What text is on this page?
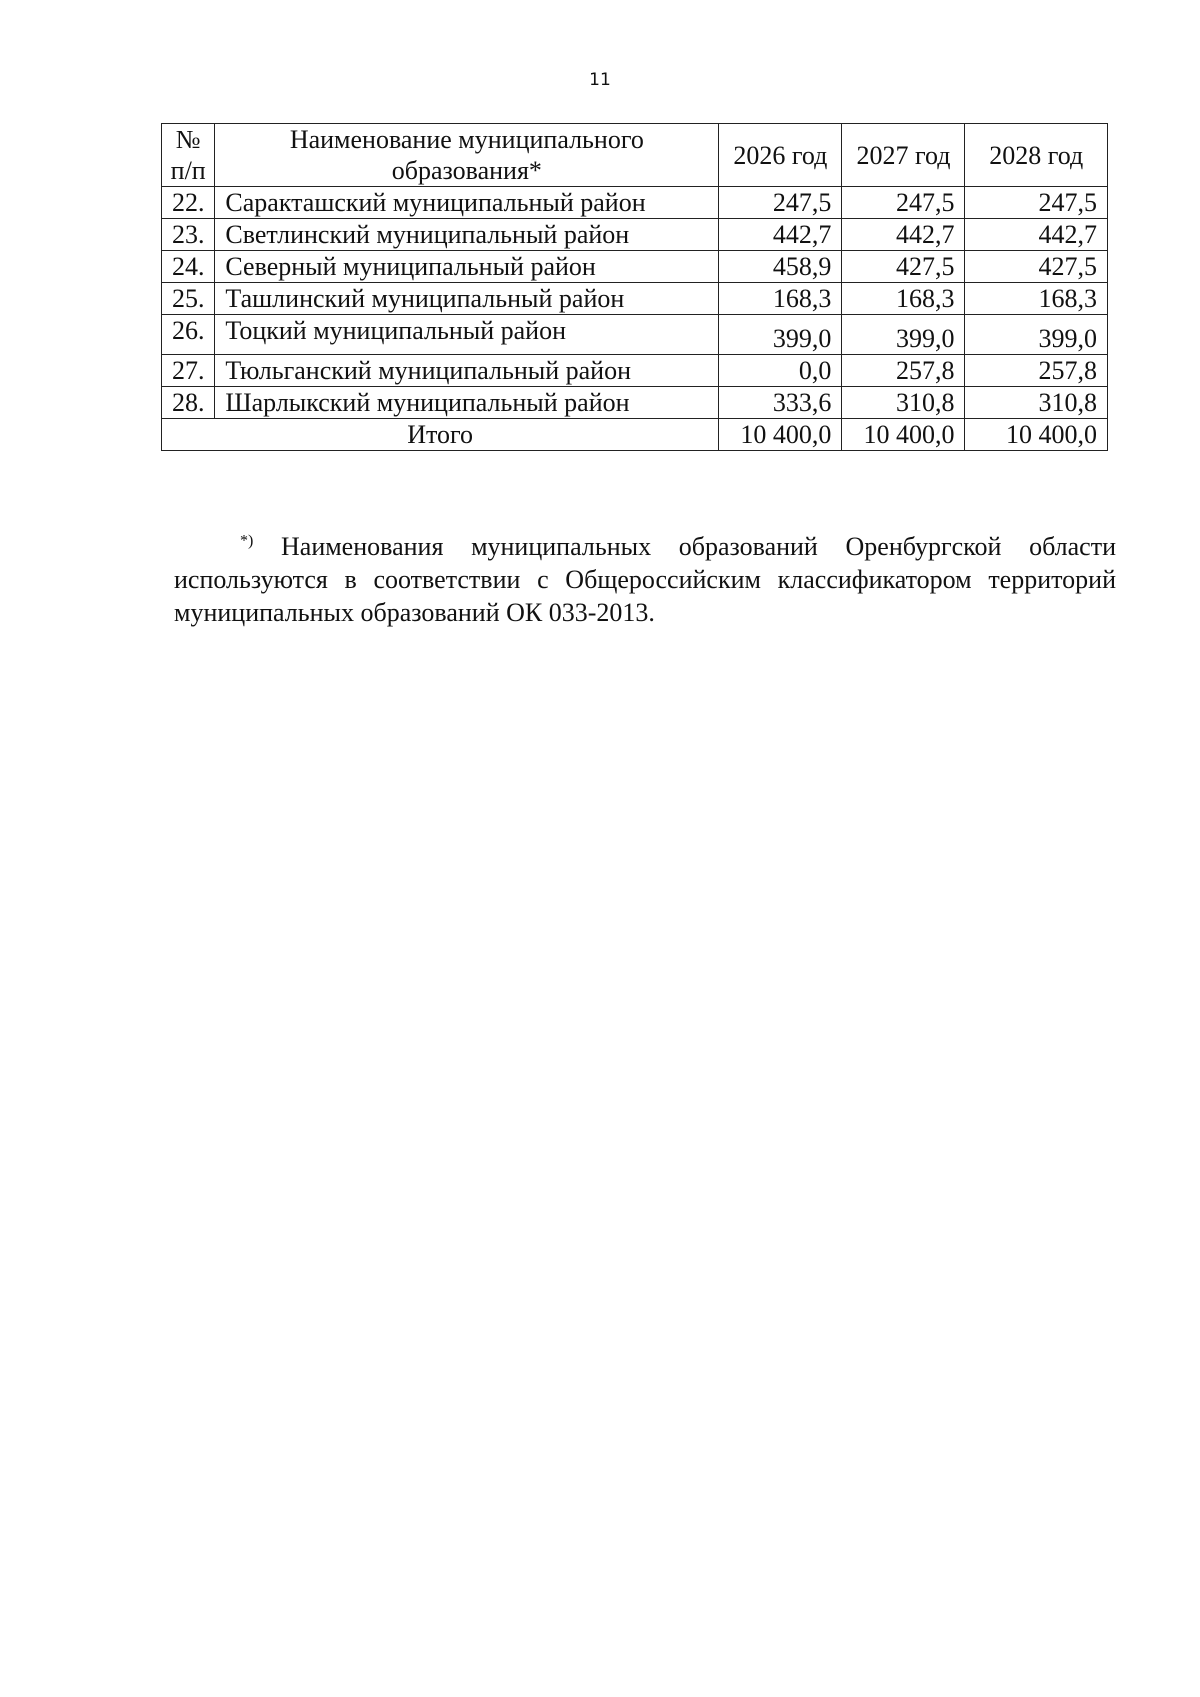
11
№ п/п	Наименование муниципального образования*	2026 год	2027 год	2028 год
22.	Саракташский муниципальный район	247,5	247,5	247,5
23.	Светлинский муниципальный район	442,7	442,7	442,7
24.	Северный муниципальный район	458,9	427,5	427,5
25.	Ташлинский муниципальный район	168,3	168,3	168,3
26.	Тоцкий муниципальный район	399,0	399,0	399,0
27.	Тюльганский муниципальный район	0,0	257,8	257,8
28.	Шарлыкский муниципальный район	333,6	310,8	310,8
Итого		10 400,0	10 400,0	10 400,0

*) Наименования муниципальных образований Оренбургской области используются в соответствии с Общероссийским классификатором территорий муниципальных образований ОК 033-2013.
